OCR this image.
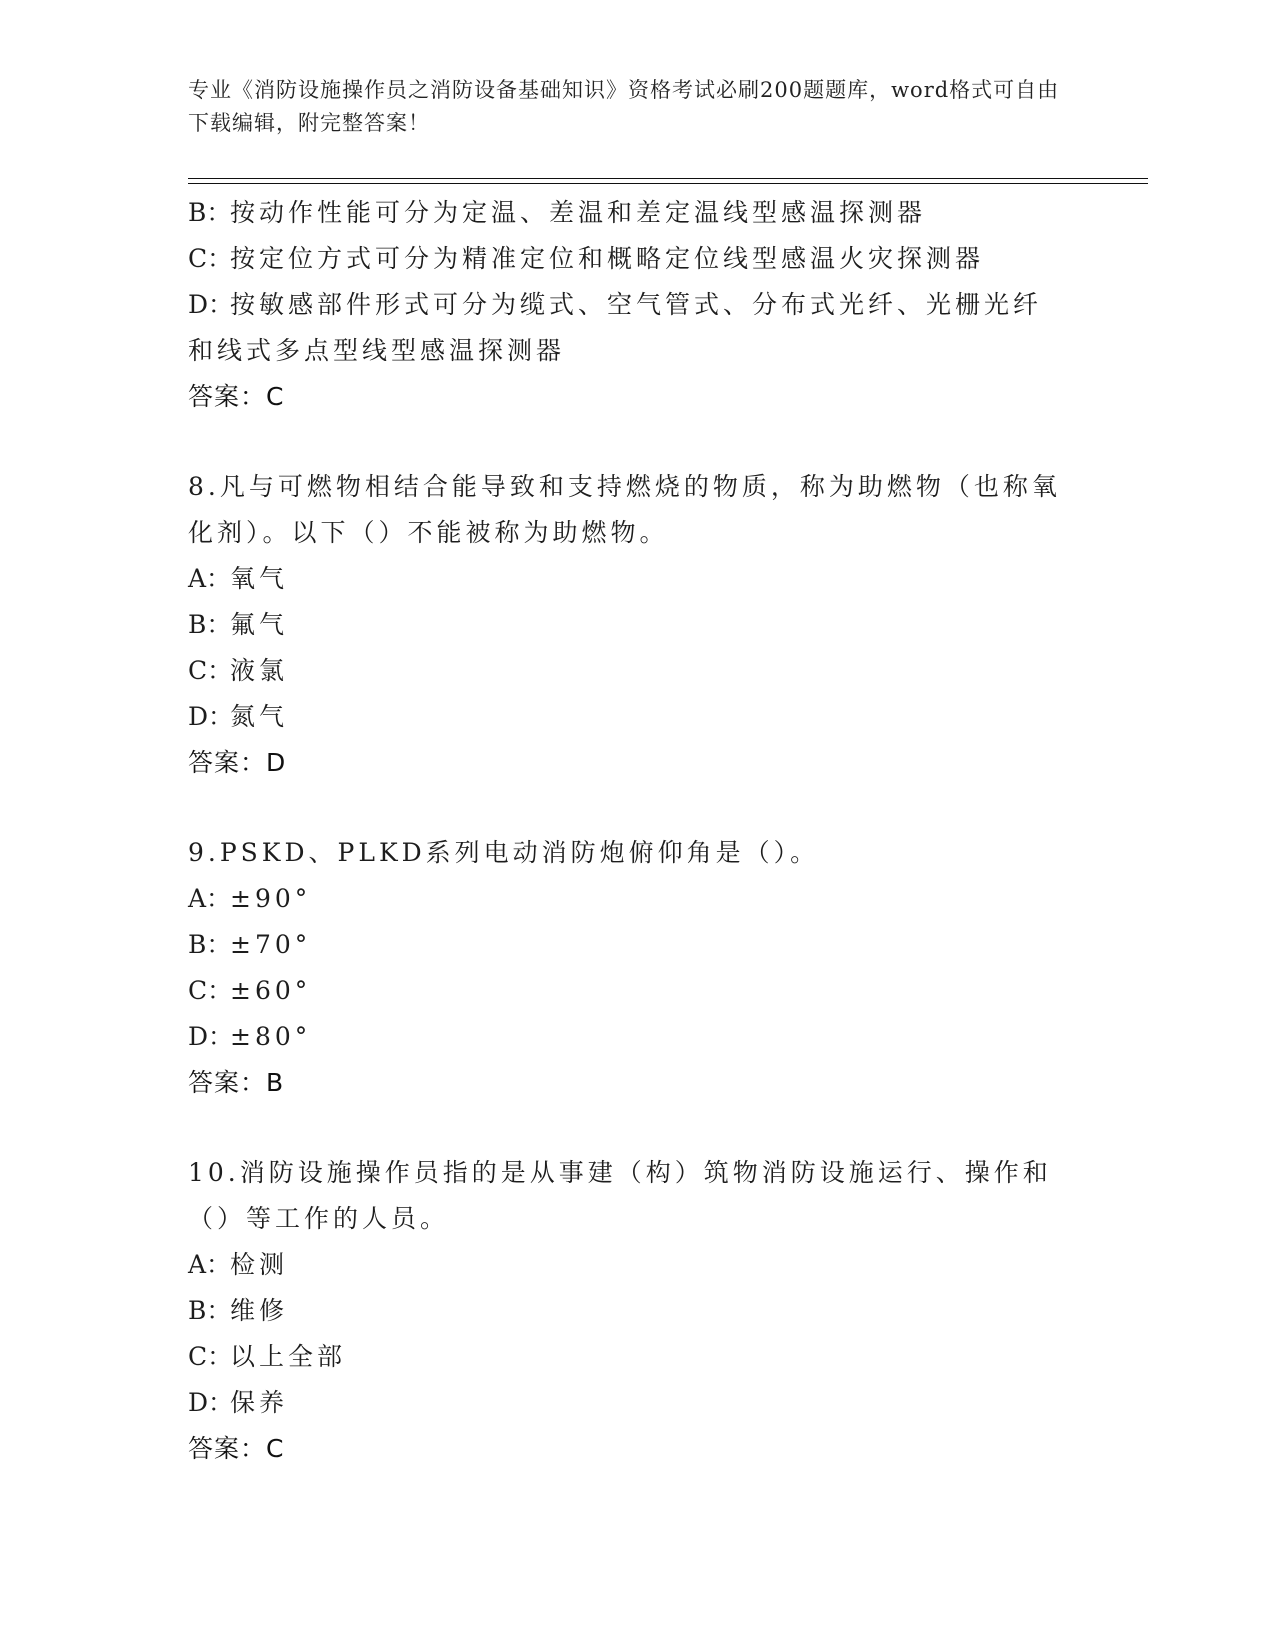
专业《消防设施操作员之消防设备基础知识》资格考试必刷200题题库，word格式可自由下载编辑，附完整答案！
B：按动作性能可分为定温、差温和差定温线型感温探测器
C：按定位方式可分为精准定位和概略定位线型感温火灾探测器
D：按敏感部件形式可分为缆式、空气管式、分布式光纤、光栅光纤和线式多点型线型感温探测器
答案：C
8.凡与可燃物相结合能导致和支持燃烧的物质，称为助燃物（也称氧化剂）。以下（）不能被称为助燃物。
A：氧气
B：氟气
C：液氯
D：氮气
答案：D
9.PSKD、PLKD系列电动消防炮俯仰角是（）。
A：±90°
B：±70°
C：±60°
D：±80°
答案：B
10.消防设施操作员指的是从事建（构）筑物消防设施运行、操作和（）等工作的人员。
A：检测
B：维修
C：以上全部
D：保养
答案：C
